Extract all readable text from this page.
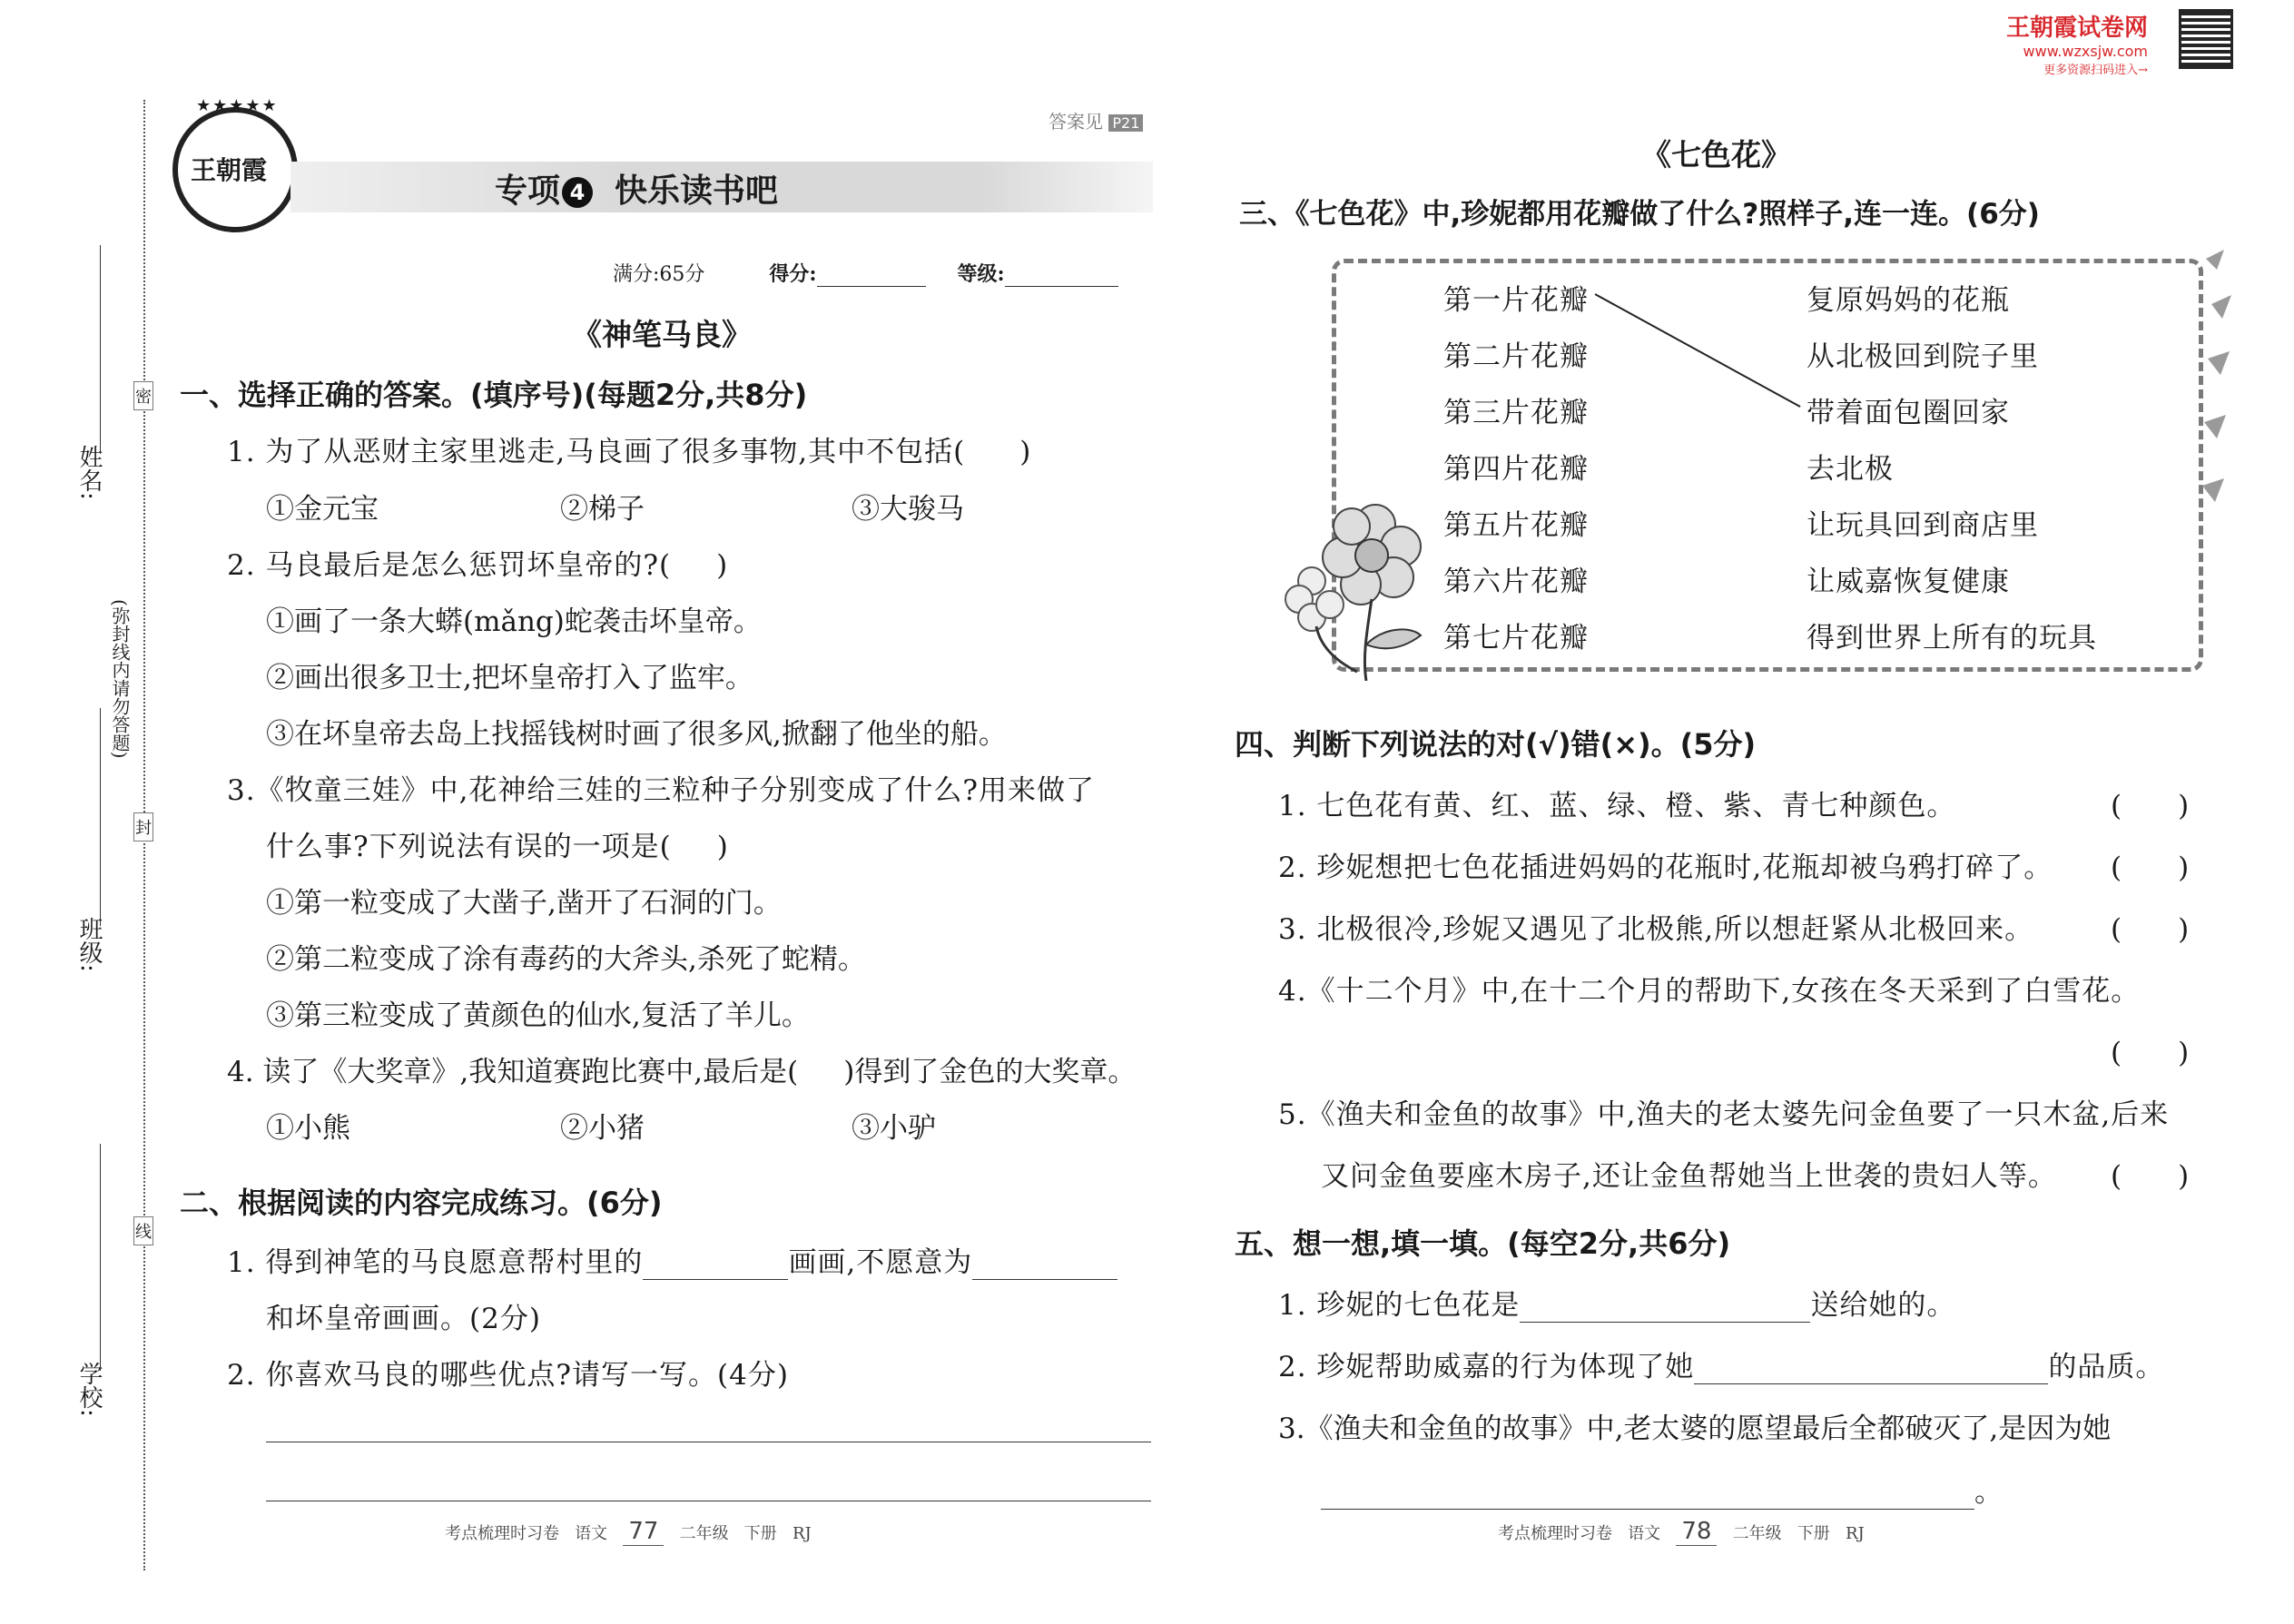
姓名:
班级:
学校:
(弥封线内请勿答题)
密
封
线
★★★★★
王朝霞
答案见 P21
专项 4 快乐读书吧
满分:65分	得分:	等级:
《神笔马良》
一、选择正确的答案。(填序号)(每题2分,共8分)
1. 为了从恶财主家里逃走,马良画了很多事物,其中不包括( )
①金元宝	②梯子	③大骏马
2. 马良最后是怎么惩罚坏皇帝的?( )
①画了一条大蟒(mǎng)蛇袭击坏皇帝。
②画出很多卫士,把坏皇帝打入了监牢。
③在坏皇帝去岛上找摇钱树时画了很多风,掀翻了他坐的船。
3.《牧童三娃》中,花神给三娃的三粒种子分别变成了什么?用来做了
什么事?下列说法有误的一项是( )
①第一粒变成了大凿子,凿开了石洞的门。
②第二粒变成了涂有毒药的大斧头,杀死了蛇精。
③第三粒变成了黄颜色的仙水,复活了羊儿。
4. 读了《大奖章》,我知道赛跑比赛中,最后是( )得到了金色的大奖章。
①小熊	②小猪	③小驴
二、根据阅读的内容完成练习。(6分)
1. 得到神笔的马良愿意帮村里的	画画,不愿意为
和坏皇帝画画。(2分)
2. 你喜欢马良的哪些优点?请写一写。(4分)
考点梳理时习卷 语文 77 二年级 下册 RJ
王朝霞试卷网
www.wzxsjw.com
更多资源扫码进入→
《七色花》
三、《七色花》中,珍妮都用花瓣做了什么?照样子,连一连。(6分)
第一片花瓣
第二片花瓣
第三片花瓣
第四片花瓣
第五片花瓣
第六片花瓣
第七片花瓣
复原妈妈的花瓶
从北极回到院子里
带着面包圈回家
去北极
让玩具回到商店里
让威嘉恢复健康
得到世界上所有的玩具
四、判断下列说法的对(√)错(×)。(5分)
1. 七色花有黄、红、蓝、绿、橙、紫、青七种颜色。	(　　)
2. 珍妮想把七色花插进妈妈的花瓶时,花瓶却被乌鸦打碎了。 (　　)
3. 北极很冷,珍妮又遇见了北极熊,所以想赶紧从北极回来。	(　　)
4.《十二个月》中,在十二个月的帮助下,女孩在冬天采到了白雪花。
(　　)
5.《渔夫和金鱼的故事》中,渔夫的老太婆先问金鱼要了一只木盆,后来
又问金鱼要座木房子,还让金鱼帮她当上世袭的贵妇人等。 (　　)
五、想一想,填一填。(每空2分,共6分)
1. 珍妮的七色花是	送给她的。
2. 珍妮帮助威嘉的行为体现了她	的品质。
3.《渔夫和金鱼的故事》中,老太婆的愿望最后全都破灭了,是因为她
。
考点梳理时习卷 语文 78 二年级 下册 RJ
